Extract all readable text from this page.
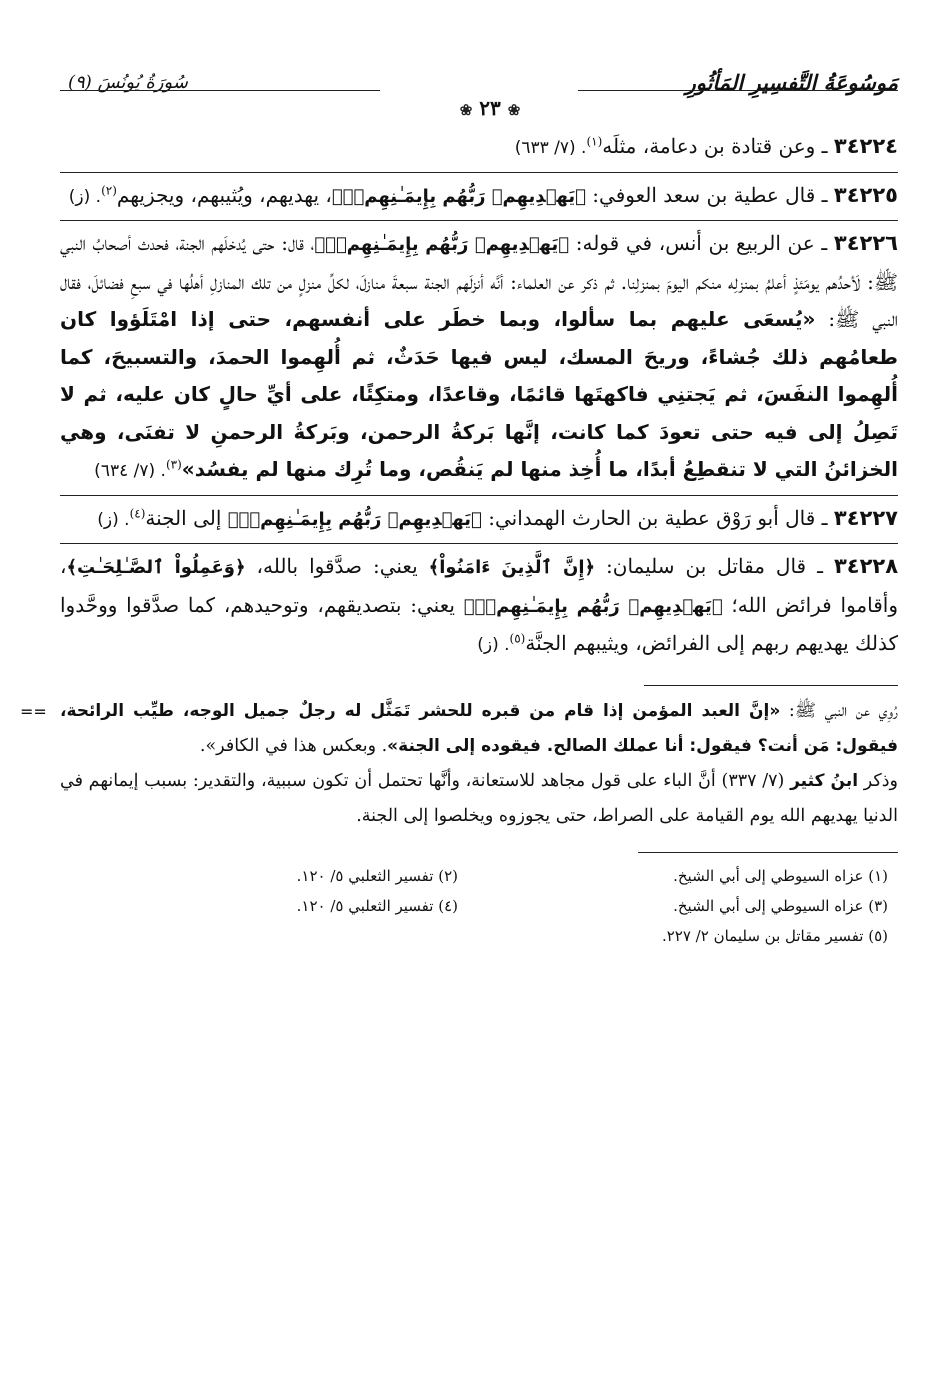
مَوسُوعَةُ التَّفسِيرِ المَأثُورِ
سُورَةُ يُونُسَ (٩)
❀ ٢٣ ❀

٣٤٢٢٤ ـ وعن قتادة بن دعامة، مثلَه$^{(١)}$. (٧/ ٦٣٣)

٣٤٢٢٥ ـ قال عطية بن سعد العوفي: ﴿يَهۡدِيهِمۡ رَبُّهُم بِإِيمَـٰنِهِمۡۖ﴾، يهديهم، ويُثيبهم، ويجزيهم$^{(٢)}$. (ز)

٣٤٢٢٦ ـ عن الربيع بن أنس، في قوله: ﴿يَهۡدِيهِمۡ رَبُّهُم بِإِيمَـٰنِهِمۡۖ﴾، قال: حتى يُدخلَهم الجنة، فحدث أصحابُ النبي ﷺ: لَأحدُهم يومَئذٍ أعلمُ بمنزلِه منكم اليومَ بمنزلِنا. ثم ذكر عن العلماء: أنَّه أنزلَهم الجنة سبعةَ منازلَ، لكلِّ منزلٍ من تلك المنازلِ أهلُها في سبعِ فضائلَ، فقال النبي ﷺ: «يُسعَى عليهم بما سألوا، وبما خطَر على أنفسهم، حتى إذا امْتَلَؤوا كان طعامُهم ذلك جُشاءً، وريحَ المسك، ليس فيها حَدَثٌ، ثم أُلهِموا الحمدَ، والتسبيحَ، كما أُلهِموا النفَسَ، ثم يَجتنِي فاكهتَها قائمًا، وقاعدًا، ومتكِئًا، على أيِّ حالٍ كان عليه، ثم لا تَصِلُ إلى فيه حتى تعودَ كما كانت، إنَّها بَركةُ الرحمن، وبَركةُ الرحمنِ لا تفنَى، وهي الخزائنُ التي لا تنقطِعُ أبدًا، ما أُخِذ منها لم يَنقُص، وما تُرِك منها لم يفسُد»$^{(٣)}$. (٧/ ٦٣٤)

٣٤٢٢٧ ـ قال أبو رَوْق عطية بن الحارث الهمداني: ﴿يَهۡدِيهِمۡ رَبُّهُم بِإِيمَـٰنِهِمۡۖ﴾ إلى الجنة$^{(٤)}$. (ز)

٣٤٢٢٨ ـ قال مقاتل بن سليمان: ﴿إِنَّ ٱلَّذِينَ ءَامَنُواْ﴾ يعني: صدَّقوا بالله، ﴿وَعَمِلُواْ ٱلصَّـٰلِحَـٰتِ﴾، وأقاموا فرائض الله؛ ﴿يَهۡدِيهِمۡ رَبُّهُم بِإِيمَـٰنِهِمۡۖ﴾ يعني: بتصديقهم، وتوحيدهم، كما صدَّقوا ووحَّدوا كذلك يهديهم ربهم إلى الفرائض، ويثيبهم الجنَّة$^{(٥)}$. (ز)

==	رُوِي عن النبي ﷺ: «إنَّ العبد المؤمن إذا قام من قبره للحشر تَمَثَّل له رجلٌ جميل الوجه، طيِّب الرائحة، فيقول: مَن أنت؟ فيقول: أنا عملك الصالح. فيقوده إلى الجنة». وبعكس هذا في الكافر».

وذكر ابنُ كثير (٧/ ٣٣٧) أنَّ الباء على قول مجاهد للاستعانة، وأنَّها تحتمل أن تكون سببية، والتقدير: بسبب إيمانهم في الدنيا يهديهم الله يوم القيامة على الصراط، حتى يجوزوه ويخلصوا إلى الجنة.

(١) عزاه السيوطي إلى أبي الشيخ.
(٣) عزاه السيوطي إلى أبي الشيخ.
(٥) تفسير مقاتل بن سليمان ٢/ ٢٢٧.
(٢) تفسير الثعلبي ٥/ ١٢٠.
(٤) تفسير الثعلبي ٥/ ١٢٠.
